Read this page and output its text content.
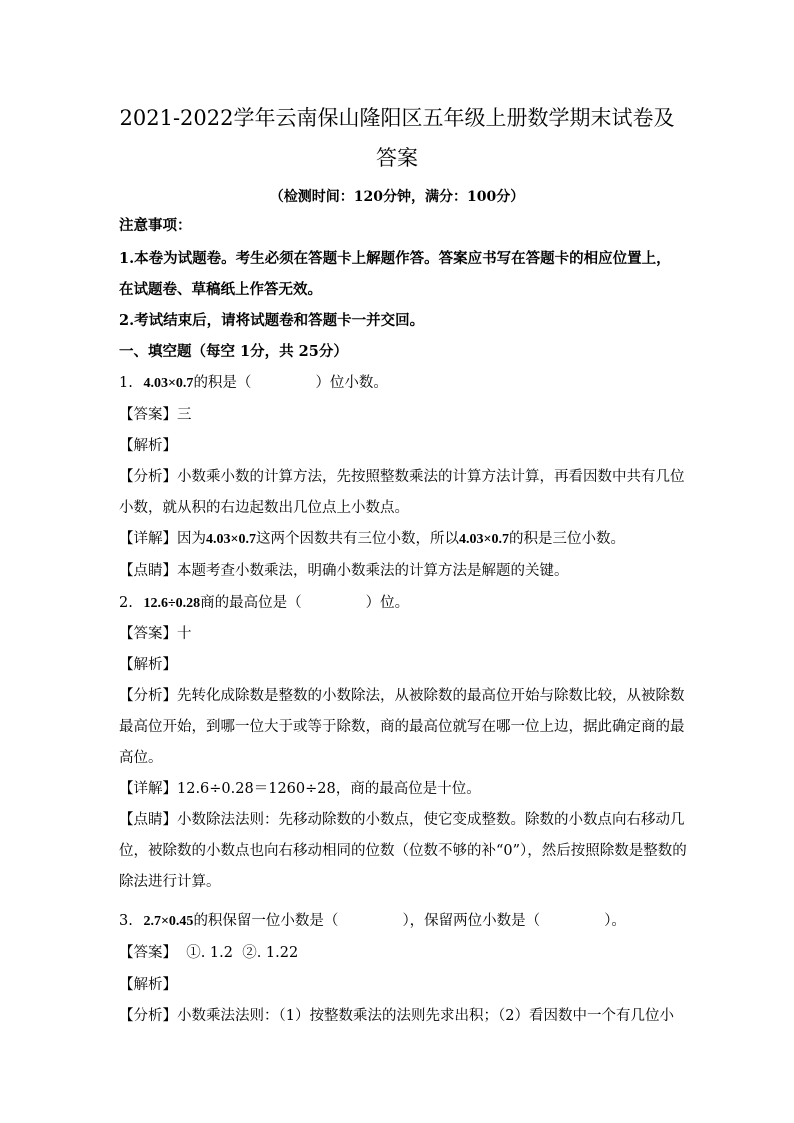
2021-2022学年云南保山隆阳区五年级上册数学期末试卷及
答案
（检测时间：120分钟，满分：100分）
注意事项：
1.本卷为试题卷。考生必须在答题卡上解题作答。答案应书写在答题卡的相应位置上，
在试题卷、草稿纸上作答无效。
2.考试结束后，请将试题卷和答题卡一并交回。
一、填空题（每空 1分，共 25分）
1. 4.03×0.7的积是（	）位小数。
【答案】三
【解析】
【分析】小数乘小数的计算方法，先按照整数乘法的计算方法计算，再看因数中共有几位
小数，就从积的右边起数出几位点上小数点。
【详解】因为4.03×0.7这两个因数共有三位小数，所以4.03×0.7的积是三位小数。
【点睛】本题考查小数乘法，明确小数乘法的计算方法是解题的关键。
2. 12.6÷0.28商的最高位是（	）位。
【答案】十
【解析】
【分析】先转化成除数是整数的小数除法，从被除数的最高位开始与除数比较，从被除数
最高位开始，到哪一位大于或等于除数，商的最高位就写在哪一位上边，据此确定商的最
高位。
【详解】12.6÷0.28＝1260÷28，商的最高位是十位。
【点睛】小数除法法则：先移动除数的小数点，使它变成整数。除数的小数点向右移动几
位，被除数的小数点也向右移动相同的位数（位数不够的补“0”），然后按照除数是整数的
除法进行计算。
3. 2.7×0.45的积保留一位小数是（	），保留两位小数是（	）。
【答案】  ①. 1.2  ②. 1.22
【解析】
【分析】小数乘法法则：（1）按整数乘法的法则先求出积；（2）看因数中一个有几位小
